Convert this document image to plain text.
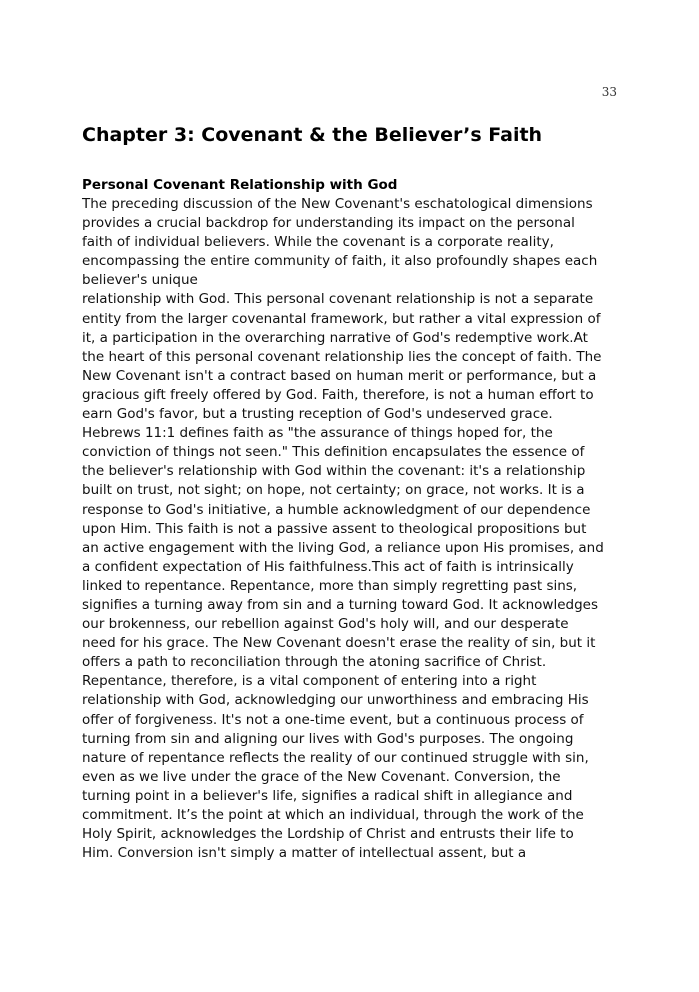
33
Chapter 3: Covenant & the Believer’s Faith
Personal Covenant Relationship with God
The preceding discussion of the New Covenant's eschatological dimensions
provides a crucial backdrop for understanding its impact on the personal
faith of individual believers. While the covenant is a corporate reality,
encompassing the entire community of faith, it also profoundly shapes each
believer's unique
relationship with God. This personal covenant relationship is not a separate
entity from the larger covenantal framework, but rather a vital expression of
it, a participation in the overarching narrative of God's redemptive work.At
the heart of this personal covenant relationship lies the concept of faith. The
New Covenant isn't a contract based on human merit or performance, but a
gracious gift freely offered by God. Faith, therefore, is not a human effort to
earn God's favor, but a trusting reception of God's undeserved grace.
Hebrews 11:1 defines faith as "the assurance of things hoped for, the
conviction of things not seen." This definition encapsulates the essence of
the believer's relationship with God within the covenant: it's a relationship
built on trust, not sight; on hope, not certainty; on grace, not works. It is a
response to God's initiative, a humble acknowledgment of our dependence
upon Him. This faith is not a passive assent to theological propositions but
an active engagement with the living God, a reliance upon His promises, and
a confident expectation of His faithfulness.This act of faith is intrinsically
linked to repentance. Repentance, more than simply regretting past sins,
signifies a turning away from sin and a turning toward God. It acknowledges
our brokenness, our rebellion against God's holy will, and our desperate
need for his grace. The New Covenant doesn't erase the reality of sin, but it
offers a path to reconciliation through the atoning sacrifice of Christ.
Repentance, therefore, is a vital component of entering into a right
relationship with God, acknowledging our unworthiness and embracing His
offer of forgiveness. It's not a one-time event, but a continuous process of
turning from sin and aligning our lives with God's purposes. The ongoing
nature of repentance reflects the reality of our continued struggle with sin,
even as we live under the grace of the New Covenant. Conversion, the
turning point in a believer's life, signifies a radical shift in allegiance and
commitment. It’s the point at which an individual, through the work of the
Holy Spirit, acknowledges the Lordship of Christ and entrusts their life to
Him. Conversion isn't simply a matter of intellectual assent, but a
